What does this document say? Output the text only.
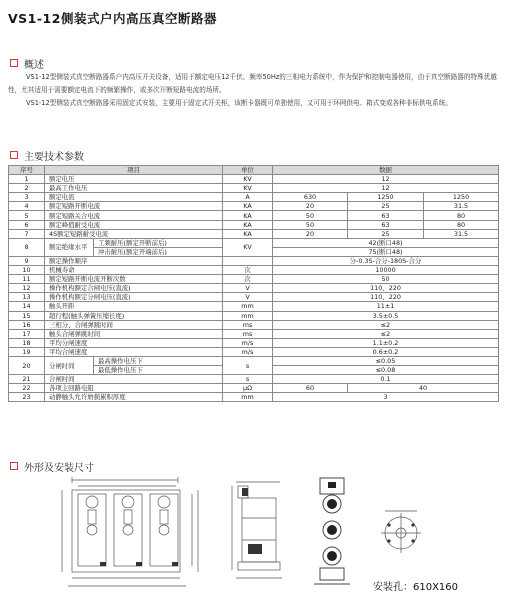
VS1-12侧装式户内高压真空断路器
概述
VS1-12型侧装式真空断路器系户内高压开关设备，适用于额定电压12千伏、频率50Hz的三相电力系统中，作为保护和控制电器使用，由于真空断路器的特殊优越性，尤其适用于需要额定电流下的频繁操作，或多次开断短路电流的场所。
VS1-12型侧装式真空断路器采用固定式安装，主要用于固定式开关柜，该断卡器既可单独使用，又可用于环网供电、箱式变或各种非标供电系统。
主要技术参数
序号	项目		单位	数据		
1	额定电压		KV	12		
2	最高工作电压		KV	12		
3	额定电流		A	630	1250	1250
4	额定短路开断电流		KA	20	25	31.5
5	额定短路关合电流		KA	50	63	80
6	额定峰值耐受电流		KA	50	63	80
7	4S额定短路耐受电流		KA	20	25	31.5
8	额定绝缘水平	工频耐压(额定开断前后)	KV	42(断口48)		
		冲击耐压(额定开端前后)		75(断口48)		
9	额定操作顺序			分-0.3S-合分-180S-合分		
10	机械寿命		次	10000		
11	额定短路开断电流开断次数		次	50		
12	操作机构额定合闸电压(直流)		V	110、220		
13	操作机构额定分闸电压(直流)		V	110、220		
14	触头开距		mm	11±1		
15	超行程(触头弹簧压缩长度)		mm	3.5±0.5		
16	三相分、合闸弹跳时间		ms	≤2		
17	触头合闸弹跳时间		ms	≤2		
18	平均分闸速度		m/s	1.1±0.2		
19	平均合闸速度		m/s	0.6±0.2		
20	分闸时间	最高操作电压下	s	≤0.05		
		最低操作电压下		≤0.08		
21	合闸时间		s	0.1		
22	各项主回路电阻		μΩ	60	40	
23	动静触头允许磨损累积厚度		mm	3		
外形及安装尺寸
安装孔：610X160
